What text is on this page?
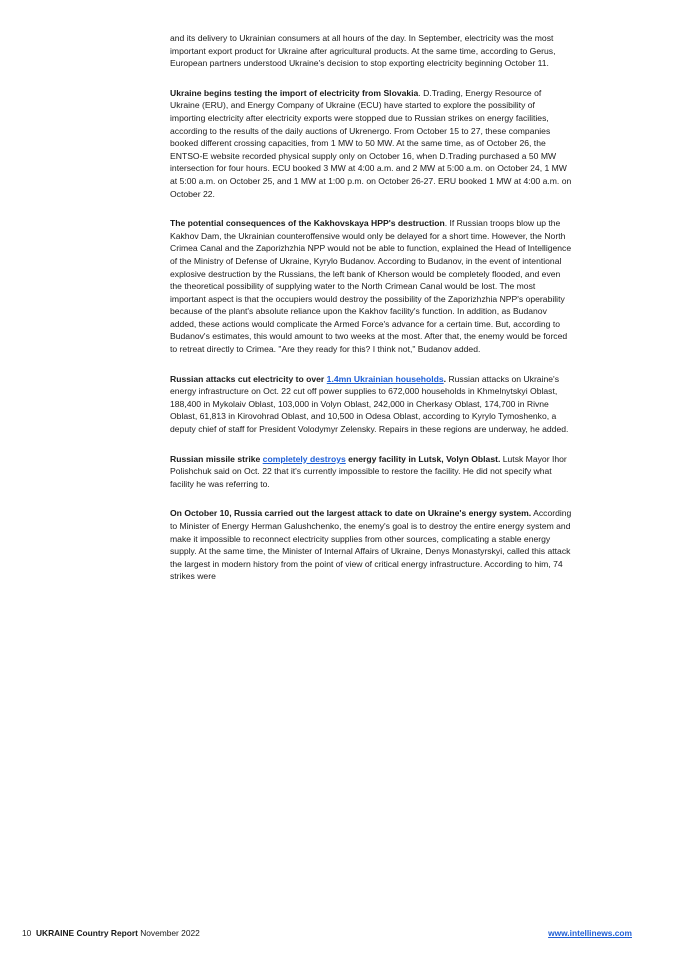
and its delivery to Ukrainian consumers at all hours of the day. In September, electricity was the most important export product for Ukraine after agricultural products. At the same time, according to Gerus, European partners understood Ukraine's decision to stop exporting electricity beginning October 11.

Ukraine begins testing the import of electricity from Slovakia. D.Trading, Energy Resource of Ukraine (ERU), and Energy Company of Ukraine (ECU) have started to explore the possibility of importing electricity after electricity exports were stopped due to Russian strikes on energy facilities, according to the results of the daily auctions of Ukrenergo. From October 15 to 27, these companies booked different crossing capacities, from 1 MW to 50 MW. At the same time, as of October 26, the ENTSO-E website recorded physical supply only on October 16, when D.Trading purchased a 50 MW intersection for four hours. ECU booked 3 MW at 4:00 a.m. and 2 MW at 5:00 a.m. on October 24, 1 MW at 5:00 a.m. on October 25, and 1 MW at 1:00 p.m. on October 26-27. ERU booked 1 MW at 4:00 a.m. on October 22.

The potential consequences of the Kakhovskaya HPP's destruction. If Russian troops blow up the Kakhov Dam, the Ukrainian counteroffensive would only be delayed for a short time. However, the North Crimea Canal and the Zaporizhzhia NPP would not be able to function, explained the Head of Intelligence of the Ministry of Defense of Ukraine, Kyrylo Budanov. According to Budanov, in the event of intentional explosive destruction by the Russians, the left bank of Kherson would be completely flooded, and even the theoretical possibility of supplying water to the North Crimean Canal would be lost. The most important aspect is that the occupiers would destroy the possibility of the Zaporizhzhia NPP's operability because of the plant's absolute reliance upon the Kakhov facility's function. In addition, as Budanov added, these actions would complicate the Armed Force's advance for a certain time. But, according to Budanov's estimates, this would amount to two weeks at the most. After that, the enemy would be forced to retreat directly to Crimea. "Are they ready for this? I think not," Budanov added.

Russian attacks cut electricity to over 1.4mn Ukrainian households. Russian attacks on Ukraine's energy infrastructure on Oct. 22 cut off power supplies to 672,000 households in Khmelnytskyi Oblast, 188,400 in Mykolaiv Oblast, 103,000 in Volyn Oblast, 242,000 in Cherkasy Oblast, 174,700 in Rivne Oblast, 61,813 in Kirovohrad Oblast, and 10,500 in Odesa Oblast, according to Kyrylo Tymoshenko, a deputy chief of staff for President Volodymyr Zelensky. Repairs in these regions are underway, he added.

Russian missile strike completely destroys energy facility in Lutsk, Volyn Oblast. Lutsk Mayor Ihor Polishchuk said on Oct. 22 that it's currently impossible to restore the facility. He did not specify what facility he was referring to.

On October 10, Russia carried out the largest attack to date on Ukraine's energy system. According to Minister of Energy Herman Galushchenko, the enemy's goal is to destroy the entire energy system and make it impossible to reconnect electricity supplies from other sources, complicating a stable energy supply. At the same time, the Minister of Internal Affairs of Ukraine, Denys Monastyrskyi, called this attack the largest in modern history from the point of view of critical energy infrastructure. According to him, 74 strikes were

10 UKRAINE Country Report November 2022	www.intellinews.com
